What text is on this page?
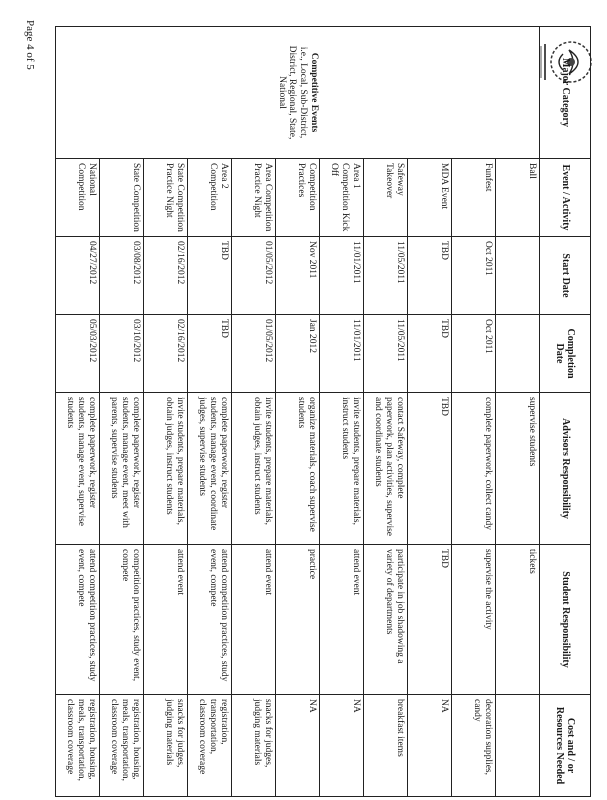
Major Category	Event / Activity	Start Date	Completion Date	Advisors Responsibility	Student Responsibility	Cost and / or Resources Needed

Competitive Events
i.e., Local, Sub-District, District, Regional, State, National	Ball			supervise students	tickets	
	Funfest	Oct 2011	Oct 2011	complete paperwork, collect candy	supervise the activity	decoration supplies, candy
	MDA Event	TBD	TBD	TBD	TBD	NA
	Safeway Takeover	11/05/2011	11/05/2011	contact Safeway, complete paperwork, plan activities, supervise and coordinate students	participate in job shadowing a variety of departments	breakfast items
	Area 1 Competition Kick Off	11/01/2011	11/01/2011	invite students, prepare materials, instruct students	attend event	NA
	Competition Practices	Nov 2011	Jan 2012	organize materials, coach supervise students	practice	NA
	Area Competition Practice Night	01/05/2012	01/05/2012	invite students, prepare materials, obtain judges, instruct students	attend event	snacks for judges, judging materials
	Area 2 Competition	TBD	TBD	complete paperwork, register students, manage event, coordinate judges, supervise students	attend competition practices, study event, compete	registration, transportation, classroom coverage
	State Competition Practice Night	02/16/2012	02/16/2012	invite students, prepare materials, obtain judges, instruct students	attend event	snacks for judges, judging materials
	State Competition	03/08/2012	03/10/2012	complete paperwork, register students, manage event, meet with parents, supervise students	competition practices, study event, compete	registration, housing, meals, transportation, classroom coverage
	National Competition	04/27/2012	05/03/2012	complete paperwork, register students, manage event, supervise students	attend competition practices, study event, compete	registration, housing, meals, transportation, classroom coverage
Page 4 of 5
